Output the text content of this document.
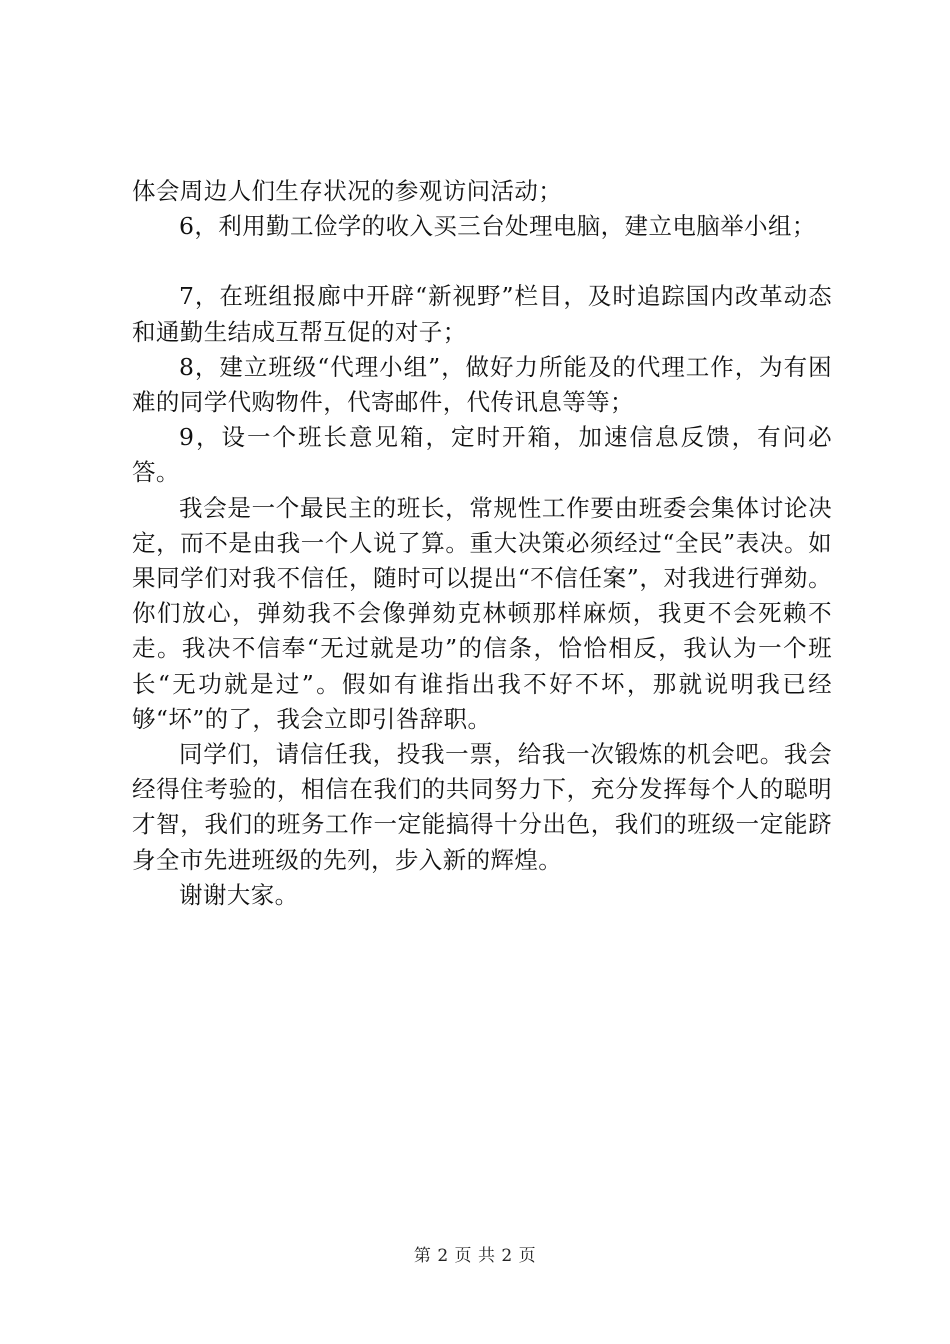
体会周边人们生存状况的参观访问活动；

6，利用勤工俭学的收入买三台处理电脑，建立电脑举小组；

7，在班组报廊中开辟“新视野”栏目，及时追踪国内改革动态和通勤生结成互帮互促的对子；

8，建立班级“代理小组”，做好力所能及的代理工作，为有困难的同学代购物件，代寄邮件，代传讯息等等；

9，设一个班长意见箱，定时开箱，加速信息反馈，有问必答。

我会是一个最民主的班长，常规性工作要由班委会集体讨论决定，而不是由我一个人说了算。重大决策必须经过“全民”表决。如果同学们对我不信任，随时可以提出“不信任案”，对我进行弹劾。你们放心，弹劾我不会像弹劾克林顿那样麻烦，我更不会死赖不走。我决不信奉“无过就是功”的信条，恰恰相反，我认为一个班长“无功就是过”。假如有谁指出我不好不坏，那就说明我已经够“坏”的了，我会立即引咎辞职。

同学们，请信任我，投我一票，给我一次锻炼的机会吧。我会经得住考验的，相信在我们的共同努力下，充分发挥每个人的聪明才智，我们的班务工作一定能搞得十分出色，我们的班级一定能跻身全市先进班级的先列，步入新的辉煌。

谢谢大家。

第 2 页 共 2 页
